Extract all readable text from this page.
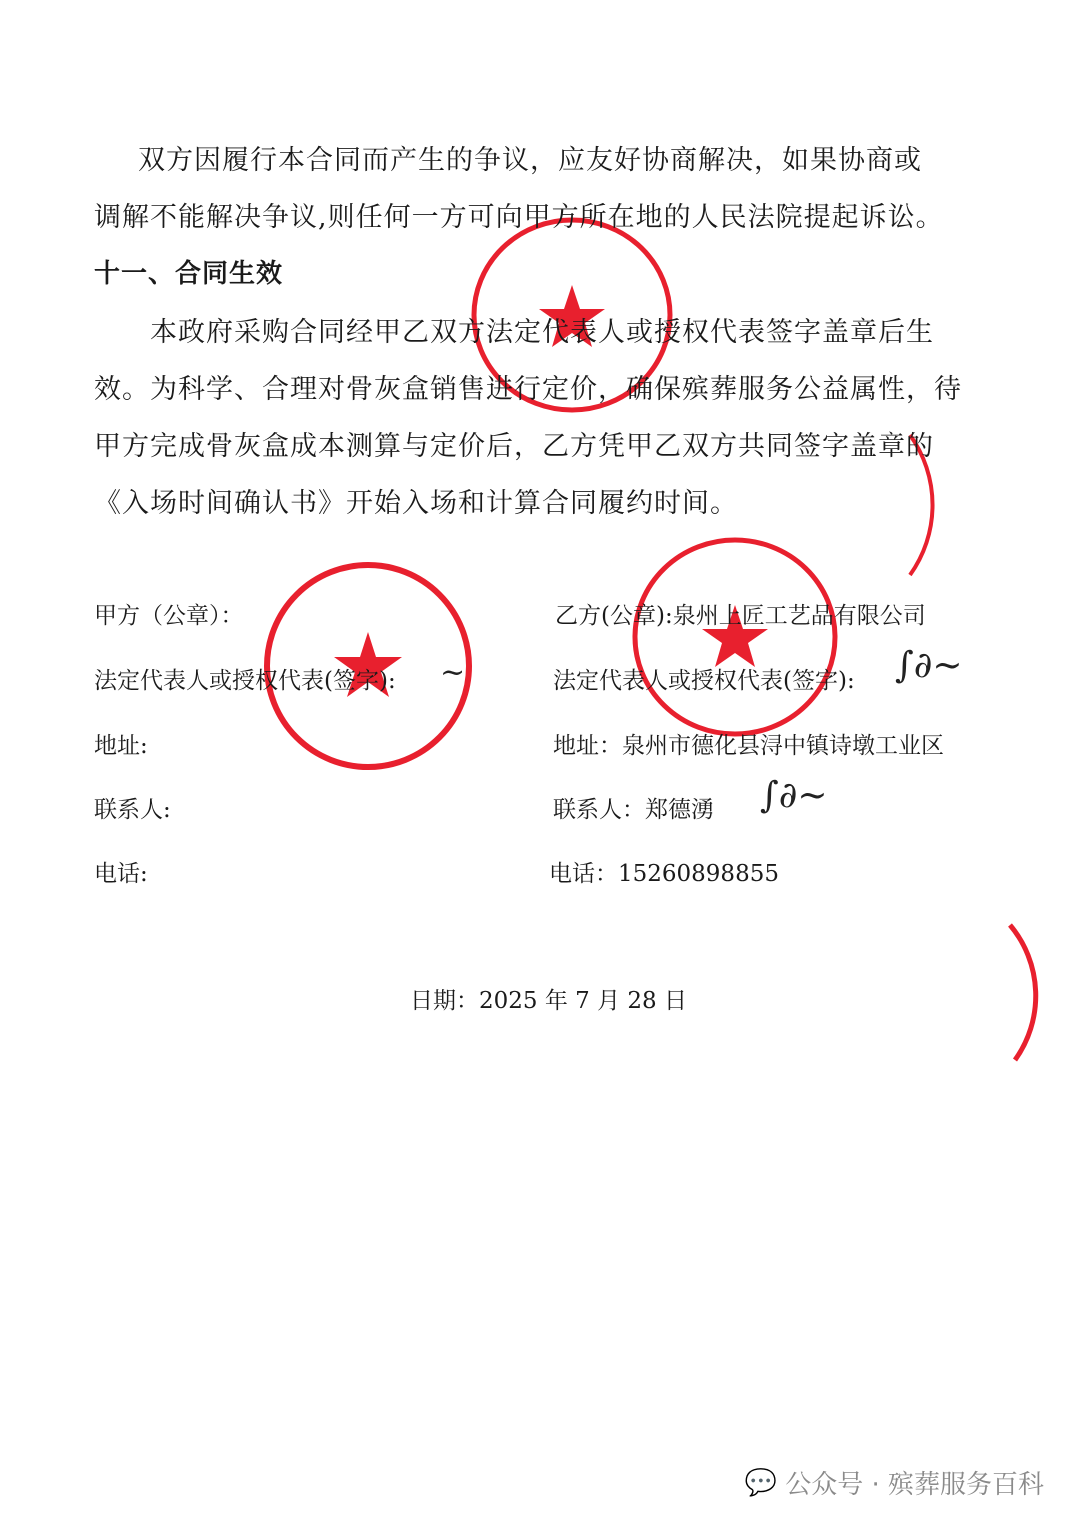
双方因履行本合同而产生的争议，应友好协商解决，如果协商或
调解不能解决争议,则任何一方可向甲方所在地的人民法院提起诉讼。
十一、合同生效
本政府采购合同经甲乙双方法定代表人或授权代表签字盖章后生
效。为科学、合理对骨灰盒销售进行定价，确保殡葬服务公益属性，待
甲方完成骨灰盒成本测算与定价后，乙方凭甲乙双方共同签字盖章的
《入场时间确认书》开始入场和计算合同履约时间。
甲方（公章）：
法定代表人或授权代表(签字):
地址:
联系人:
电话:
乙方(公章):泉州上匠工艺品有限公司
法定代表人或授权代表(签字):
地址：泉州市德化县浔中镇诗墩工业区
联系人：郑德湧
电话：15260898855
日期：2025 年 7 月 28 日
~	∫∂~
∫∂~
💬 公众号 · 殡葬服务百科
